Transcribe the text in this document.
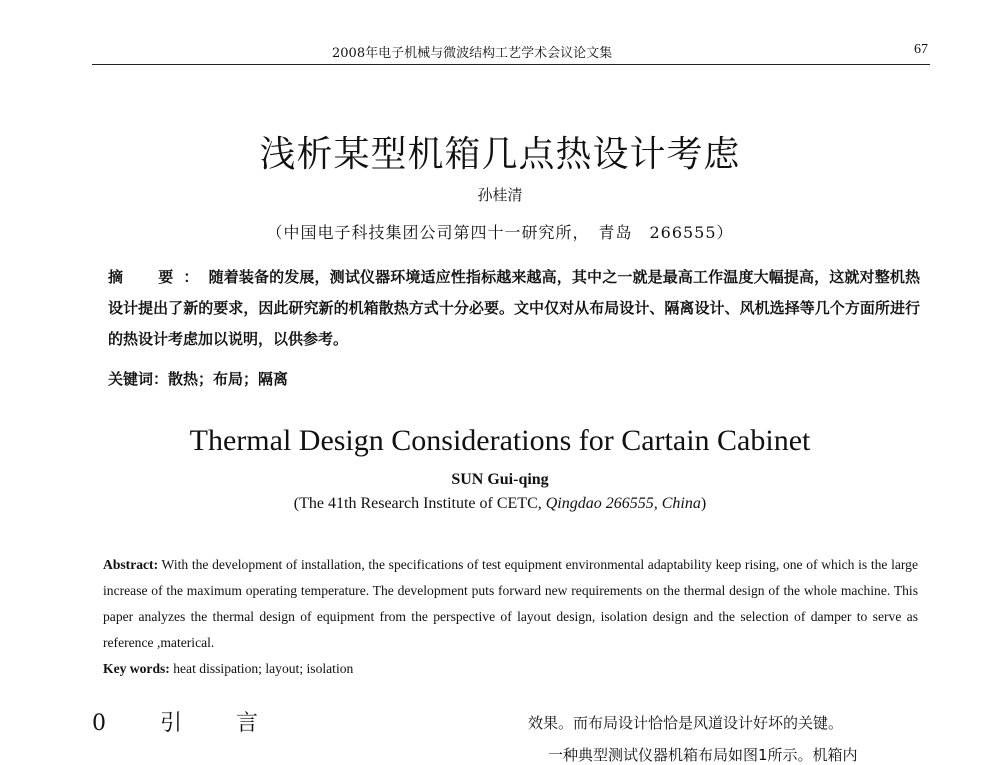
2008年电子机械与微波结构工艺学术会议论文集	67
浅析某型机箱几点热设计考虑
孙桂清
（中国电子科技集团公司第四十一研究所，　青岛　266555）
摘　要：随着装备的发展，测试仪器环境适应性指标越来越高，其中之一就是最高工作温度大幅提高，这就对整机热设计提出了新的要求，因此研究新的机箱散热方式十分必要。文中仅对从布局设计、隔离设计、风机选择等几个方面所进行的热设计考虑加以说明，以供参考。
关键词：散热；布局；隔离
Thermal Design Considerations for Cartain Cabinet
SUN Gui-qing
(The 41th Research Institute of CETC, Qingdao 266555, China)
Abstract: With the development of installation, the specifications of test equipment environmental adaptability keep rising, one of which is the large increase of the maximum operating temperature. The development puts forward new requirements on the thermal design of the whole machine. This paper analyzes the thermal design of equipment from the perspective of layout design, isolation design and the selection of damper to serve as reference ,materical.
Key words: heat dissipation; layout; isolation
0　引　言	效果。而布局设计恰恰是风道设计好坏的关键。
一种典型测试仪器机箱布局如图1所示。机箱内
